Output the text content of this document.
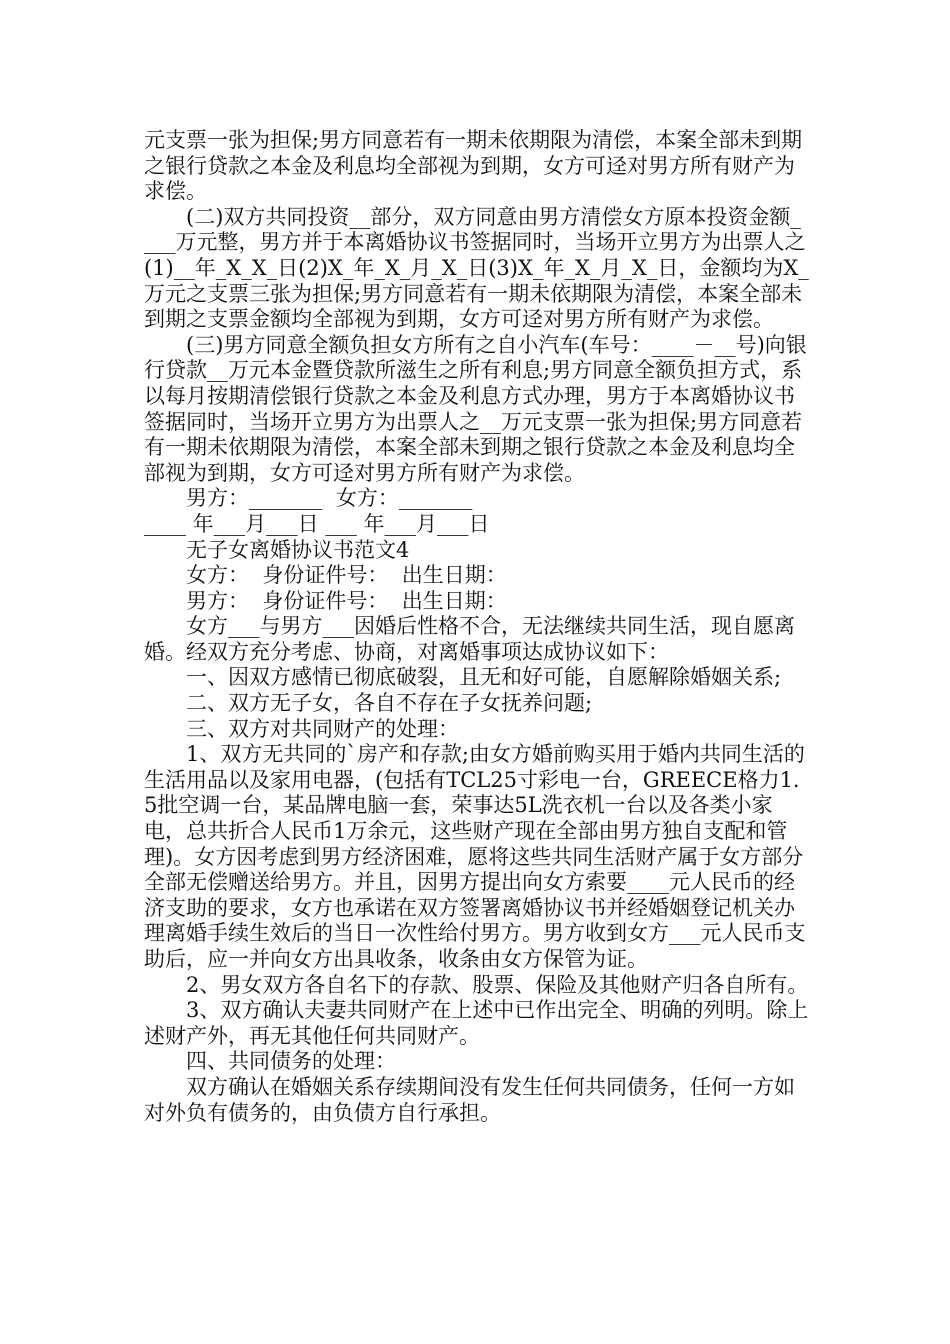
元支票一张为担保;男方同意若有一期未依期限为清偿，本案全部未到期之银行贷款之本金及利息均全部视为到期，女方可迳对男方所有财产为求偿。

(二)双方共同投资__部分，双方同意由男方清偿女方原本投资金额____万元整，男方并于本离婚协议书签据同时，当场开立男方为出票人之(1)__年_X_X_日(2)X_年_X_月_X_日(3)X_年_X_月_X_日，金额均为X_万元之支票三张为担保;男方同意若有一期未依期限为清偿，本案全部未到期之支票金额均全部视为到期，女方可迳对男方所有财产为求偿。

(三)男方同意全额负担女方所有之自小汽车(车号：____－__号)向银行贷款__万元本金暨贷款所滋生之所有利息;男方同意全额负担方式，系以每月按期清偿银行贷款之本金及利息方式办理，男方于本离婚协议书签据同时，当场开立男方为出票人之__万元支票一张为担保;男方同意若有一期未依期限为清偿，本案全部未到期之银行贷款之本金及利息均全部视为到期，女方可迳对男方所有财产为求偿。

男方：_______  女方：_______

____ 年___月___日 ___ 年___月___日

无子女离婚协议书范文4

女方：  身份证件号：  出生日期：

男方：  身份证件号：  出生日期：

女方___与男方___因婚后性格不合，无法继续共同生活，现自愿离婚。经双方充分考虑、协商，对离婚事项达成协议如下：

一、因双方感情已彻底破裂，且无和好可能，自愿解除婚姻关系;

二、双方无子女，各自不存在子女抚养问题;

三、双方对共同财产的处理：

1、双方无共同的`房产和存款;由女方婚前购买用于婚内共同生活的生活用品以及家用电器，(包括有TCL25寸彩电一台，GREECE格力1.5批空调一台，某品牌电脑一套，荣事达5L洗衣机一台以及各类小家电，总共折合人民币1万余元，这些财产现在全部由男方独自支配和管理)。女方因考虑到男方经济困难，愿将这些共同生活财产属于女方部分全部无偿赠送给男方。并且，因男方提出向女方索要____元人民币的经济支助的要求，女方也承诺在双方签署离婚协议书并经婚姻登记机关办理离婚手续生效后的当日一次性给付男方。男方收到女方___元人民币支助后，应一并向女方出具收条，收条由女方保管为证。

2、男女双方各自名下的存款、股票、保险及其他财产归各自所有。

3、双方确认夫妻共同财产在上述中已作出完全、明确的列明。除上述财产外，再无其他任何共同财产。

四、共同债务的处理：

双方确认在婚姻关系存续期间没有发生任何共同债务，任何一方如对外负有债务的，由负债方自行承担。
